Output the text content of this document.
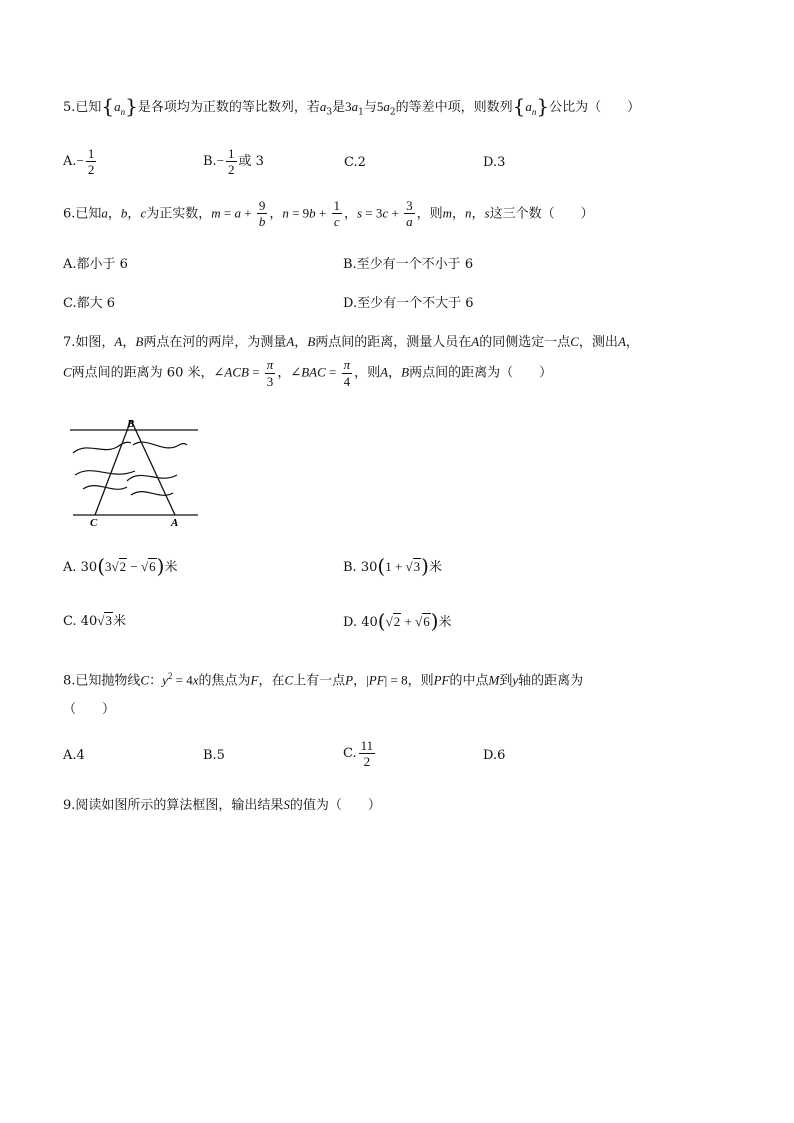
5.已知$\{a_n\}$是各项均为正数的等比数列，若$a_3$是$3a_1$与$5a_2$的等差中项，则数列$\{a_n\}$公比为（　　）
$A.- \frac{1}{2}$	$B.- \frac{1}{2}$ 或 3	C.2	D.3
6.已知a，b，c为正实数，$m = a + \frac{9}{b}$ ，$n = 9b + \frac{1}{c}$ ，$s = 3c + \frac{3}{a}$ ，则m，n，s这三个数（　　）
A.都小于 6	B.至少有一个不小于 6
C.都大 6	D.至少有一个不大于 6
7.如图，A，B两点在河的两岸，为测量A，B两点间的距离，测量人员在A的同侧选定一点C，测出A，
C两点间的距离为 60 米，∠ACB = $\frac{\pi}{3}$ ，∠BAC = $\frac{\pi}{4}$ ，则A，B两点间的距离为（　　）
B
C	A
A. 30(3√2 − √6)米	B. 30(1 + √3)米
C. 40√3米	D. 40(√2 + √6)米
8.已知抛物线C：$y^2 = 4x$的焦点为F，在C上有一点P，|PF| = 8，则PF的中点M到y轴的距离为
（　　）
A.4	B.5	C. $\frac{11}{2}$	D.6
9.阅读如图所示的算法框图，输出结果S的值为（　　）
